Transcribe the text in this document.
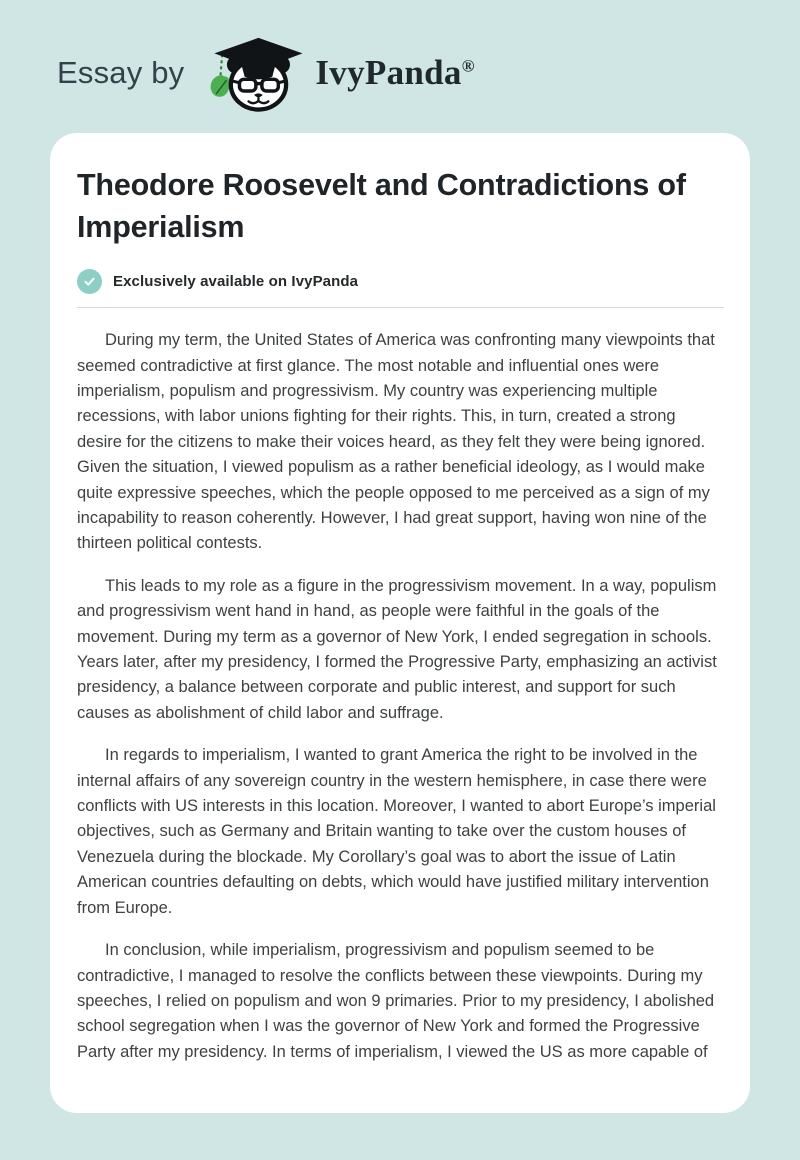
Essay by	IvyPanda®
Theodore Roosevelt and Contradictions of Imperialism
Exclusively available on IvyPanda

During my term, the United States of America was confronting many viewpoints that seemed contradictive at first glance. The most notable and influential ones were imperialism, populism and progressivism. My country was experiencing multiple recessions, with labor unions fighting for their rights. This, in turn, created a strong desire for the citizens to make their voices heard, as they felt they were being ignored. Given the situation, I viewed populism as a rather beneficial ideology, as I would make quite expressive speeches, which the people opposed to me perceived as a sign of my incapability to reason coherently. However, I had great support, having won nine of the thirteen political contests.

This leads to my role as a figure in the progressivism movement. In a way, populism and progressivism went hand in hand, as people were faithful in the goals of the movement. During my term as a governor of New York, I ended segregation in schools. Years later, after my presidency, I formed the Progressive Party, emphasizing an activist presidency, a balance between corporate and public interest, and support for such causes as abolishment of child labor and suffrage.

In regards to imperialism, I wanted to grant America the right to be involved in the internal affairs of any sovereign country in the western hemisphere, in case there were conflicts with US interests in this location. Moreover, I wanted to abort Europe’s imperial objectives, such as Germany and Britain wanting to take over the custom houses of Venezuela during the blockade. My Corollary’s goal was to abort the issue of Latin American countries defaulting on debts, which would have justified military intervention from Europe.

In conclusion, while imperialism, progressivism and populism seemed to be contradictive, I managed to resolve the conflicts between these viewpoints. During my speeches, I relied on populism and won 9 primaries. Prior to my presidency, I abolished school segregation when I was the governor of New York and formed the Progressive Party after my presidency. In terms of imperialism, I viewed the US as more capable of
